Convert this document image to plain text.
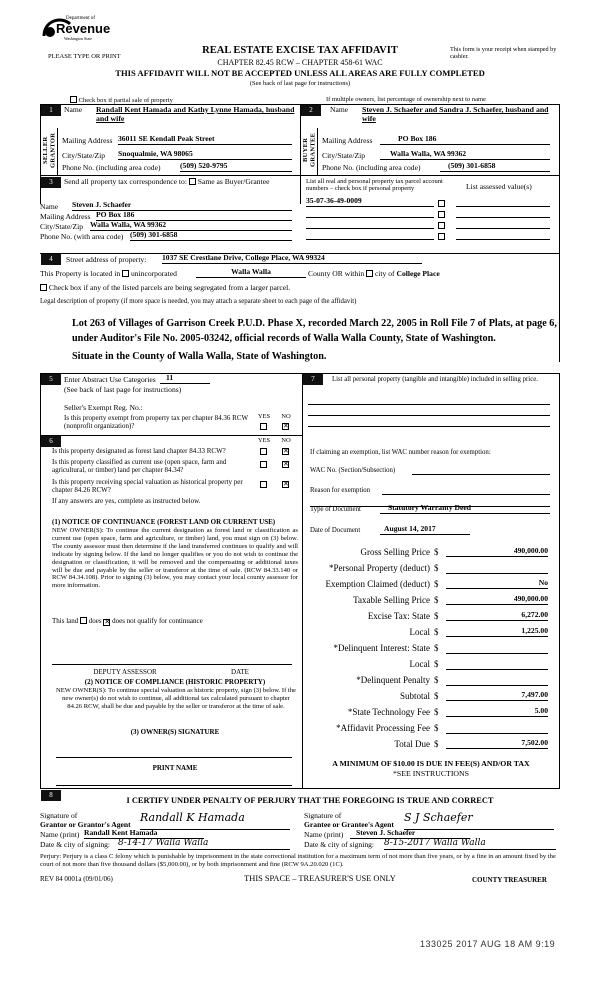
Department of
Revenue
Washington State
PLEASE TYPE OR PRINT
REAL ESTATE EXCISE TAX AFFIDAVIT
CHAPTER 82.45 RCW – CHAPTER 458-61 WAC
THIS AFFIDAVIT WILL NOT BE ACCEPTED UNLESS ALL AREAS ARE FULLY COMPLETED
(See back of last page for instructions)
This form is your receipt when stamped by cashier.
Check box if partial sale of property	If multiple owners, list percentage of ownership next to name
1
SELLER GRANTOR
Name Randall Kent Hamada and Kathy Lynne Hamada, husband and wife
Mailing Address 36011 SE Kendall Peak Street
City/State/Zip Snoqualmie, WA 98065
Phone No. (including area code)	(509) 520-9795
2
BUYER GRANTEE
Name Steven J. Schaefer and Sandra J. Schaefer, husband and wife
Mailing Address	PO Box 186
City/State/Zip	Walla Walla, WA 99362
Phone No. (including area code)	(509) 301-6858
3	Send all property tax correspondence to: Same as Buyer/Grantee	List all real and personal property tax parcel account numbers – check box if personal property	List assessed value(s)
Name Steven J. Schaefer
Mailing Address PO Box 186
City/State/Zip Walla Walla, WA 99362
Phone No. (with area code) (509) 301-6858
35-07-36-49-0009
4	Street address of property: 1037 SE Crestlane Drive, College Place, WA 99324
This Property is located in unincorporated	Walla Walla	County OR within city of College Place
Check box if any of the listed parcels are being segregated from a larger parcel.
Legal description of property (if more space is needed, you may attach a separate sheet to each page of the affidavit)
Lot 263 of Villages of Garrison Creek P.U.D. Phase X, recorded March 22, 2005 in Roll File 7 of Plats, at page 6, under Auditor's File No. 2005-03242, official records of Walla Walla County, State of Washington.
Situate in the County of Walla Walla, State of Washington.
5	Enter Abstract Use Categories	11
(See back of last page for instructions)
Seller's Exempt Reg. No.:
YES	NO
Is this property exempt from property tax per chapter 84.36 RCW (nonprofit organization)?	✕
6	YES	NO
Is this property designated as forest land chapter 84.33 RCW?	✕
Is this property classified as current use (open space, farm and agricultural, or timber) land per chapter 84.34?
✕
Is this property receiving special valuation as historical property per chapter 84.26 RCW?
✕
If any answers are yes, complete as instructed below.
(1) NOTICE OF CONTINUANCE (FOREST LAND OR CURRENT USE)
NEW OWNER(S): To continue the current designation as forest land or classification as current use (open space, farm and agriculture, or timber) land, you must sign on (3) below. The county assessor must then determine if the land transferred continues to qualify and will indicate by signing below. If the land no longer qualifies or you do not wish to continue the designation or classification, it will be removed and the compensating or additional taxes will be due and payable by the seller or transferor at the time of sale. (RCW 84.33.140 or RCW 84.34.108). Prior to signing (3) below, you may contact your local county assessor for more information.
This land does ✕ does not qualify for continuance
DEPUTY ASSESSOR	DATE
(2) NOTICE OF COMPLIANCE (HISTORIC PROPERTY)
NEW OWNER(S): To continue special valuation as historic property, sign (3) below. If the new owner(s) do not wish to continue, all additional tax calculated pursuant to chapter 84.26 RCW, shall be due and payable by the seller or transferor at the time of sale.
(3) OWNER(S) SIGNATURE
PRINT NAME
7	List all personal property (tangible and intangible) included in selling price.
If claiming an exemption, list WAC number reason for exemption:
WAC No. (Section/Subsection)
Reason for exemption
Type of Document	Statutory Warranty Deed
Date of Document	August 14, 2017
Gross Selling Price $	490,000.00
*Personal Property (deduct) $
Exemption Claimed (deduct) $	No
Taxable Selling Price $	490,000.00
Excise Tax: State $	6,272.00
Local $	1,225.00
*Delinquent Interest: State $
Local $
*Delinquent Penalty $
Subtotal $	7,497.00
*State Technology Fee $	5.00
*Affidavit Processing Fee $
Total Due $	7,502.00
A MINIMUM OF $10.00 IS DUE IN FEE(S) AND/OR TAX
*SEE INSTRUCTIONS
8
I CERTIFY UNDER PENALTY OF PERJURY THAT THE FOREGOING IS TRUE AND CORRECT
Signature of
Grantor or Grantor's Agent
Randall K Hamada
Name (print) Randall Kent Hamada
Date & city of signing: 8-14-17 Walla Walla
Signature of
Grantee or Grantee's Agent
S J Schaefer
Name (print)	Steven J. Schaefer
Date & city of signing: 8-15-2017 Walla Walla
Perjury: Perjury is a class C felony which is punishable by imprisonment in the state correctional institution for a maximum term of not more than five years, or by a fine in an amount fixed by the court of not more than five thousand dollars ($5,000.00), or by both imprisonment and fine (RCW 9A.20.020 (1C).
REV 84 0001a (09/01/06)	THIS SPACE – TREASURER'S USE ONLY	COUNTY TREASURER
133025 2017 AUG 18 AM 9:19
